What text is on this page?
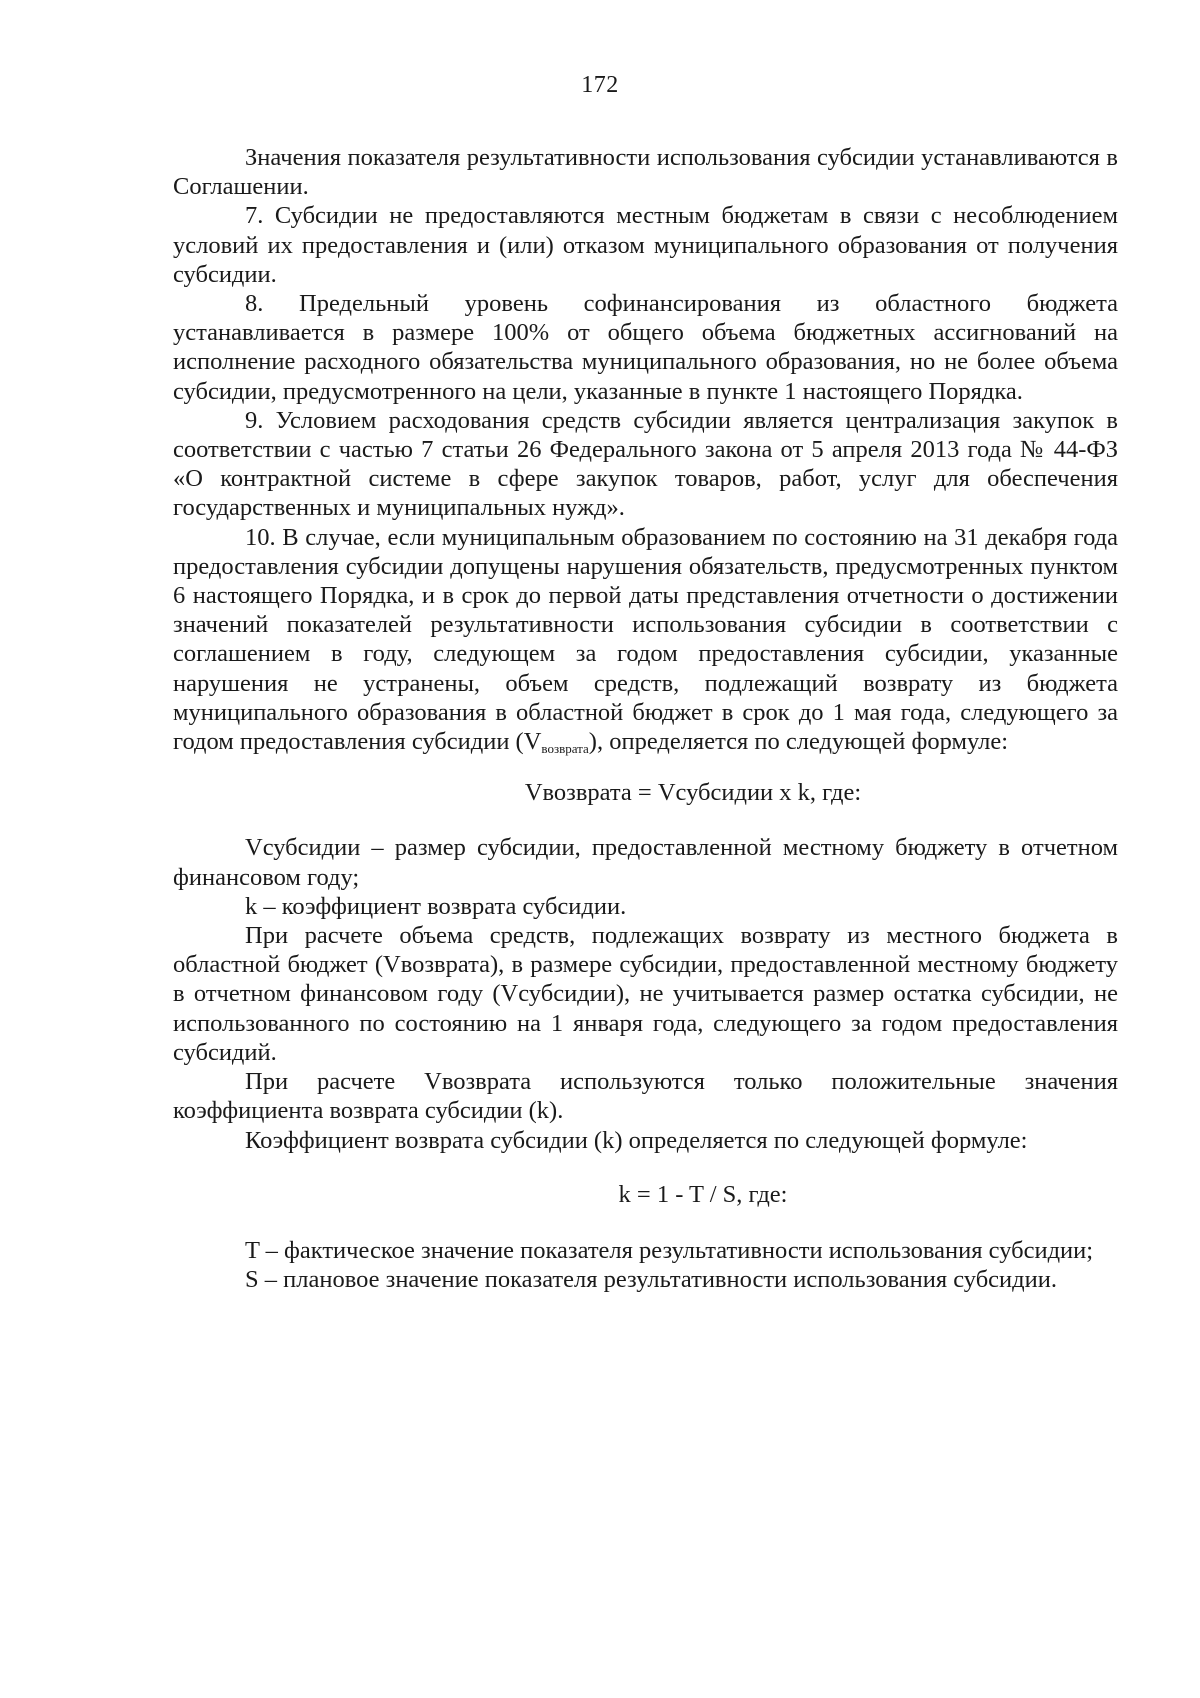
172

Значения показателя результативности использования субсидии устанавливаются в Соглашении.

7. Субсидии не предоставляются местным бюджетам в связи с несоблюдением условий их предоставления и (или) отказом муниципального образования от получения субсидии.

8. Предельный уровень софинансирования из областного бюджета устанавливается в размере 100% от общего объема бюджетных ассигнований на исполнение расходного обязательства муниципального образования, но не более объема субсидии, предусмотренного на цели, указанные в пункте 1 настоящего Порядка.

9. Условием расходования средств субсидии является централизация закупок в соответствии с частью 7 статьи 26 Федерального закона от 5 апреля 2013 года № 44-ФЗ «О контрактной системе в сфере закупок товаров, работ, услуг для обеспечения государственных и муниципальных нужд».

10. В случае, если муниципальным образованием по состоянию на 31 декабря года предоставления субсидии допущены нарушения обязательств, предусмотренных пунктом 6 настоящего Порядка, и в срок до первой даты представления отчетности о достижении значений показателей результативности использования субсидии в соответствии с соглашением в году, следующем за годом предоставления субсидии, указанные нарушения не устранены, объем средств, подлежащий возврату из бюджета муниципального образования в областной бюджет в срок до 1 мая года, следующего за годом предоставления субсидии $(V_{возврата})$, определяется по следующей формуле:

Vвозврата = Vсубсидии x k, где:

Vсубсидии – размер субсидии, предоставленной местному бюджету в отчетном финансовом году;

k – коэффициент возврата субсидии.

При расчете объема средств, подлежащих возврату из местного бюджета в областной бюджет (Vвозврата), в размере субсидии, предоставленной местному бюджету в отчетном финансовом году (Vсубсидии), не учитывается размер остатка субсидии, не использованного по состоянию на 1 января года, следующего за годом предоставления субсидий.

При расчете Vвозврата используются только положительные значения коэффициента возврата субсидии (k).

Коэффициент возврата субсидии (k) определяется по следующей формуле:

k = 1 - T / S, где:

T – фактическое значение показателя результативности использования субсидии;

S – плановое значение показателя результативности использования субсидии.
